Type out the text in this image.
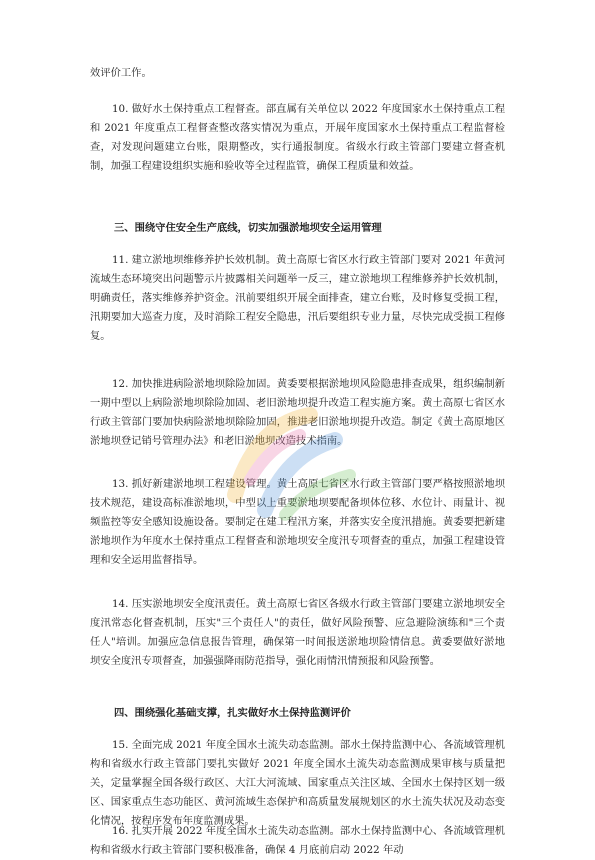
效评价工作。

10. 做好水土保持重点工程督查。部直属有关单位以 2022 年度国家水土保持重点工程和 2021 年度重点工程督查整改落实情况为重点，开展年度国家水土保持重点工程监督检查，对发现问题建立台账，限期整改，实行通报制度。省级水行政主管部门要建立督查机制，加强工程建设组织实施和验收等全过程监管，确保工程质量和效益。

三、围绕守住安全生产底线，切实加强淤地坝安全运用管理

11. 建立淤地坝维修养护长效机制。黄土高原七省区水行政主管部门要对 2021 年黄河流域生态环境突出问题警示片披露相关问题举一反三，建立淤地坝工程维修养护长效机制，明确责任，落实维修养护资金。汛前要组织开展全面排查，建立台账，及时修复受损工程，汛期要加大巡查力度，及时消除工程安全隐患，汛后要组织专业力量，尽快完成受损工程修复。

12. 加快推进病险淤地坝除险加固。黄委要根据淤地坝风险隐患排查成果，组织编制新一期中型以上病险淤地坝除险加固、老旧淤地坝提升改造工程实施方案。黄土高原七省区水行政主管部门要加快病险淤地坝除险加固，推进老旧淤地坝提升改造。制定《黄土高原地区淤地坝登记销号管理办法》和老旧淤地坝改造技术指南。

13. 抓好新建淤地坝工程建设管理。黄土高原七省区水行政主管部门要严格按照淤地坝技术规范，建设高标准淤地坝，中型以上重要淤地坝要配备坝体位移、水位计、雨量计、视频监控等安全感知设施设备。要制定在建工程汛方案，并落实安全度汛措施。黄委要把新建淤地坝作为年度水土保持重点工程督查和淤地坝安全度汛专项督查的重点，加强工程建设管理和安全运用监督指导。

14. 压实淤地坝安全度汛责任。黄土高原七省区各级水行政主管部门要建立淤地坝安全度汛常态化督查机制，压实"三个责任人"的责任，做好风险预警、应急避险演练和"三个责任人"培训。加强应急信息报告管理，确保第一时间报送淤地坝险情信息。黄委要做好淤地坝安全度汛专项督查，加强强降雨防范指导，强化雨情汛情预报和风险预警。

四、围绕强化基础支撑，扎实做好水土保持监测评价

15. 全面完成 2021 年度全国水土流失动态监测。部水土保持监测中心、各流域管理机构和省级水行政主管部门要扎实做好 2021 年度全国水土流失动态监测成果审核与质量把关，定量掌握全国各级行政区、大江大河流域、国家重点关注区域、全国水土保持区划一级区、国家重点生态功能区、黄河流域生态保护和高质量发展规划区的水土流失状况及动态变化情况，按程序发布年度监测成果。

16. 扎实开展 2022 年度全国水土流失动态监测。部水土保持监测中心、各流域管理机构和省级水行政主管部门要积极准备，确保 4 月底前启动 2022 年动
